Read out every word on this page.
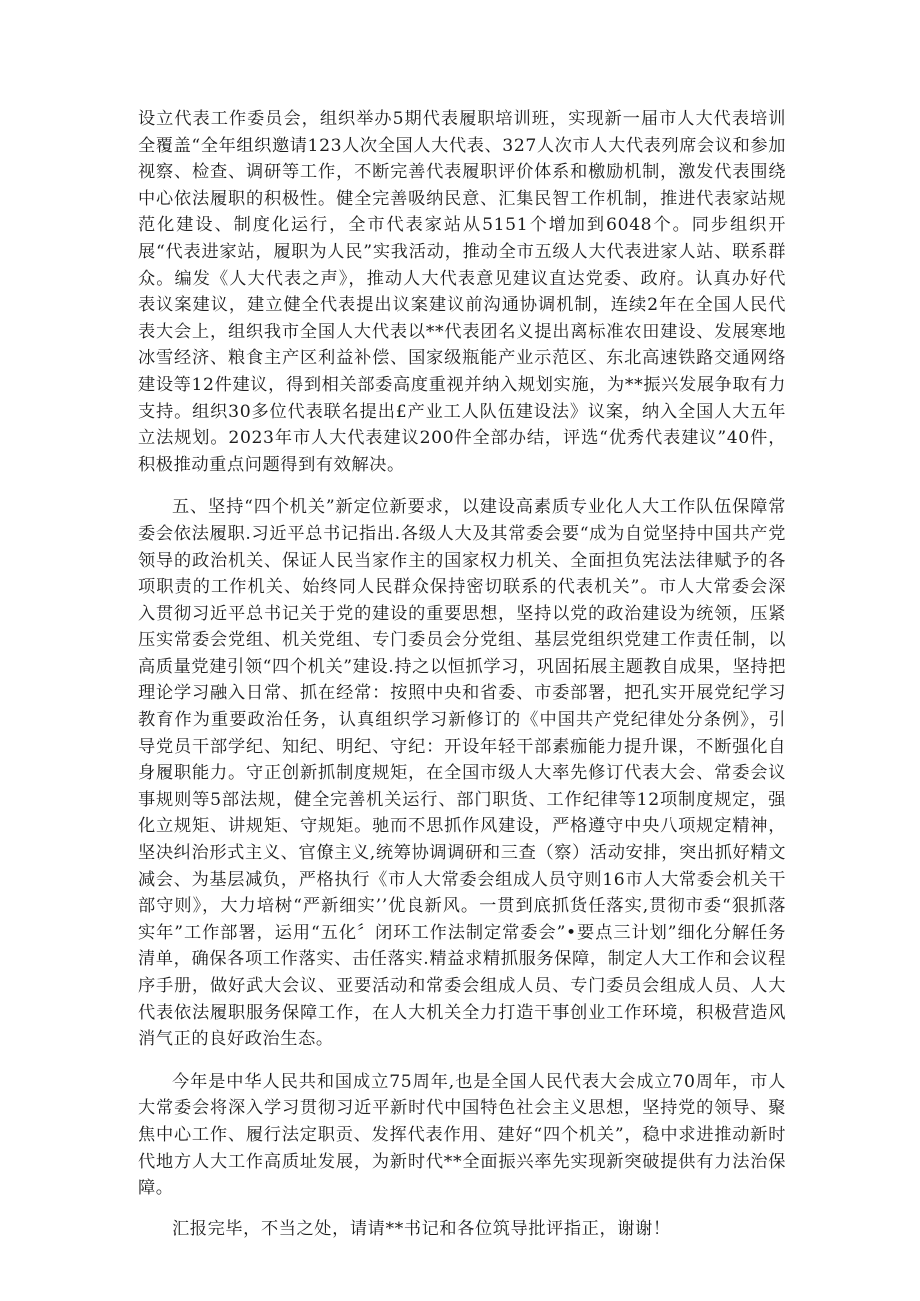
设立代表工作委员会，组织举办5期代表履职培训班，实现新一届市人大代表培训全覆盖“全年组织邀请123人次全国人大代表、327人次市人大代表列席会议和参加视察、检查、调研等工作，不断完善代表履职评价体系和檄励机制，激发代表围绕中心依法履职的积极性。健全完善吸纳民意、汇集民智工作机制，推进代表家站规范化建设、制度化运行，全市代表家站从5151个增加到6048个。同步组织开展“代表进家站，履职为人民”实我活动，推动全市五级人大代表进家人站、联系群众。编发《人大代表之声》，推动人大代表意见建议直达党委、政府。认真办好代表议案建议，建立健全代表提出议案建议前沟通协调机制，连续2年在全国人民代表大会上，组织我市全国人大代表以**代表团名义提出离标准农田建设、发展寒地冰雪经济、粮食主产区利益补偿、国家级瓶能产业示范区、东北高速铁路交通网络建设等12件建议，得到相关部委高度重视并纳入规划实施，为**振兴发展争取有力支持。组织30多位代表联名提出£产业工人队伍建设法》议案，纳入全国人大五年立法规划。2023年市人大代表建议200件全部办结，评选“优秀代表建议”40件，积极推动重点问题得到有效解决。

五、坚持“四个机关”新定位新要求，以建设高素质专业化人大工作队伍保障常委会依法履职.习近平总书记指出.各级人大及其常委会要“成为自觉坚持中国共产党领导的政治机关、保证人民当家作主的国家权力机关、全面担负宪法法律赋予的各项职责的工作机关、始终同人民群众保持密切联系的代表机关”。市人大常委会深入贯彻习近平总书记关于党的建设的重要思想，坚持以党的政治建设为统领，压紧压实常委会党组、机关党组、专门委员会分党组、基层党组织党建工作责任制，以高质量党建引领“四个机关”建设.持之以恒抓学习，巩固拓展主题教自成果，坚持把理论学习融入日常、抓在经常：按照中央和省委、市委部署，把孔实开展党纪学习教育作为重要政治任务，认真组织学习新修订的《中国共产党纪律处分条例》，引导党员干部学纪、知纪、明纪、守纪：开设年轻干部素痂能力提升课，不断强化自身履职能力。守正创新抓制度规矩，在全国市级人大率先修订代表大会、常委会议事规则等5部法规，健全完善机关运行、部门职货、工作纪律等12项制度规定，强化立规矩、讲规矩、守规矩。驰而不思抓作风建设，严格遵守中央八项规定精神，坚决纠治形式主义、官僚主义,统筹协调调研和三查（察）活动安排，突出抓好精文减会、为基层减负，严格执行《市人大常委会组成人员守则16市人大常委会机关干部守则》，大力培树“严新细实’’优良新风。一贯到底抓货任落实,贯彻市委“狠抓落实年”工作部署，运用“五化〞闭环工作法制定常委会”•要点三计划”细化分解任务清单，确保各项工作落实、击任落实.精益求精抓服务保障，制定人大工作和会议程序手册，做好武大会议、亚要活动和常委会组成人员、专门委员会组成人员、人大代表依法履职服务保障工作，在人大机关全力打造干事创业工作环境，积极营造风消气正的良好政治生态。

今年是中华人民共和国成立75周年,也是全国人民代表大会成立70周年，市人大常委会将深入学习贯彻习近平新时代中国特色社会主义思想，坚持党的领导、聚焦中心工作、履行法定职贡、发挥代表作用、建好“四个机关”，稳中求进推动新时代地方人大工作高质址发展，为新时代**全面振兴率先实现新突破提供有力法治保障。

汇报完毕，不当之处，请请**书记和各位筑导批评指正，谢谢！
